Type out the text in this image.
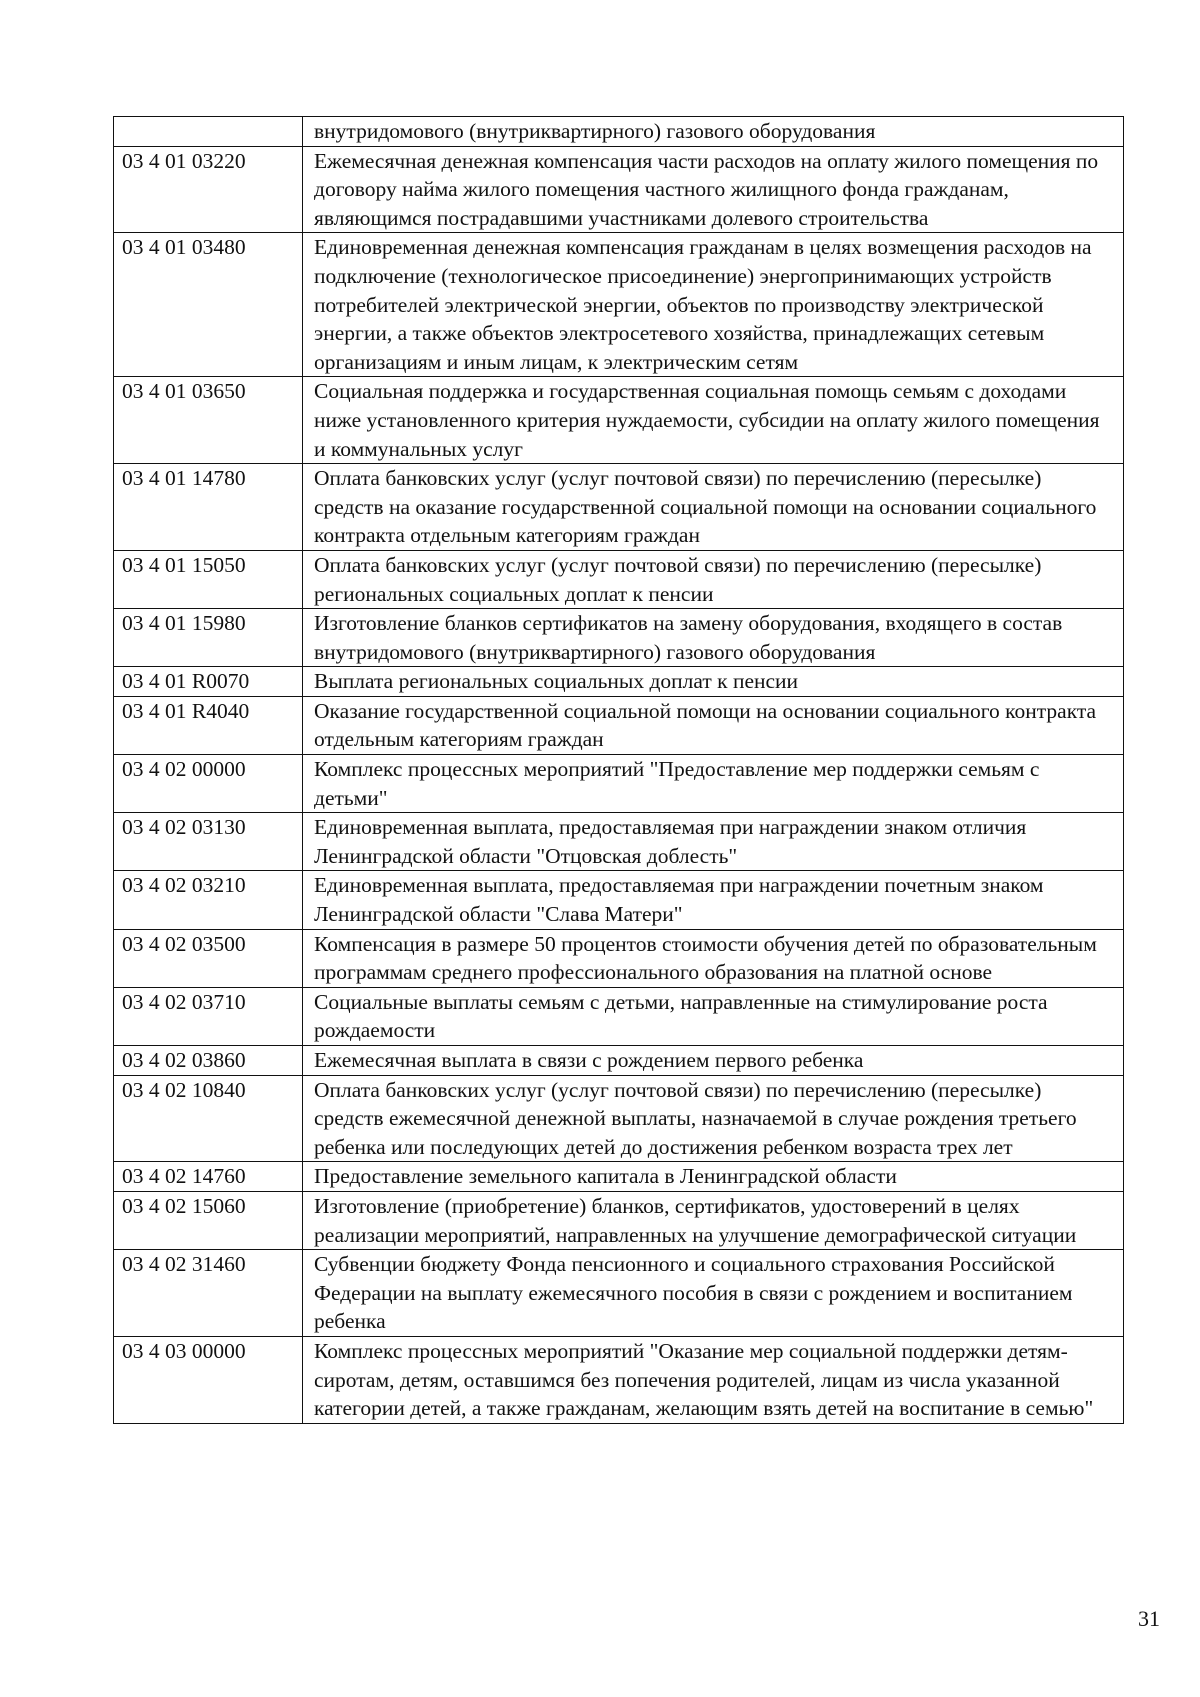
	внутридомового (внутриквартирного) газового оборудования
03 4 01 03220	Ежемесячная денежная компенсация части расходов на оплату жилого помещения по договору найма жилого помещения частного жилищного фонда гражданам, являющимся пострадавшими участниками долевого строительства
03 4 01 03480	Единовременная денежная компенсация гражданам в целях возмещения расходов на подключение (технологическое присоединение) энергопринимающих устройств потребителей электрической энергии, объектов по производству электрической энергии, а также объектов электросетевого хозяйства, принадлежащих сетевым организациям и иным лицам, к электрическим сетям
03 4 01 03650	Социальная поддержка и государственная социальная помощь семьям с доходами ниже установленного критерия нуждаемости, субсидии на оплату жилого помещения и коммунальных услуг
03 4 01 14780	Оплата банковских услуг (услуг почтовой связи) по перечислению (пересылке) средств на оказание государственной социальной помощи на основании социального контракта отдельным категориям граждан
03 4 01 15050	Оплата банковских услуг (услуг почтовой связи) по перечислению (пересылке) региональных социальных доплат к пенсии
03 4 01 15980	Изготовление бланков сертификатов на замену оборудования, входящего в состав внутридомового (внутриквартирного) газового оборудования
03 4 01 R0070	Выплата региональных социальных доплат к пенсии
03 4 01 R4040	Оказание государственной социальной помощи на основании социального контракта отдельным категориям граждан
03 4 02 00000	Комплекс процессных мероприятий "Предоставление мер поддержки семьям с детьми"
03 4 02 03130	Единовременная выплата, предоставляемая при награждении знаком отличия Ленинградской области "Отцовская доблесть"
03 4 02 03210	Единовременная выплата, предоставляемая при награждении почетным знаком Ленинградской области "Слава Матери"
03 4 02 03500	Компенсация в размере 50 процентов стоимости обучения детей по образовательным программам среднего профессионального образования на платной основе
03 4 02 03710	Социальные выплаты семьям с детьми, направленные на стимулирование роста рождаемости
03 4 02 03860	Ежемесячная выплата в связи с рождением первого ребенка
03 4 02 10840	Оплата банковских услуг (услуг почтовой связи) по перечислению (пересылке) средств ежемесячной денежной выплаты, назначаемой в случае рождения третьего ребенка или последующих детей до достижения ребенком возраста трех лет
03 4 02 14760	Предоставление земельного капитала в Ленинградской области
03 4 02 15060	Изготовление (приобретение) бланков, сертификатов, удостоверений в целях реализации мероприятий, направленных на улучшение демографической ситуации
03 4 02 31460	Субвенции бюджету Фонда пенсионного и социального страхования Российской Федерации на выплату ежемесячного пособия в связи с рождением и воспитанием ребенка
03 4 03 00000	Комплекс процессных мероприятий "Оказание мер социальной поддержки детям-сиротам, детям, оставшимся без попечения родителей, лицам из числа указанной категории детей, а также гражданам, желающим взять детей на воспитание в семью"
31
